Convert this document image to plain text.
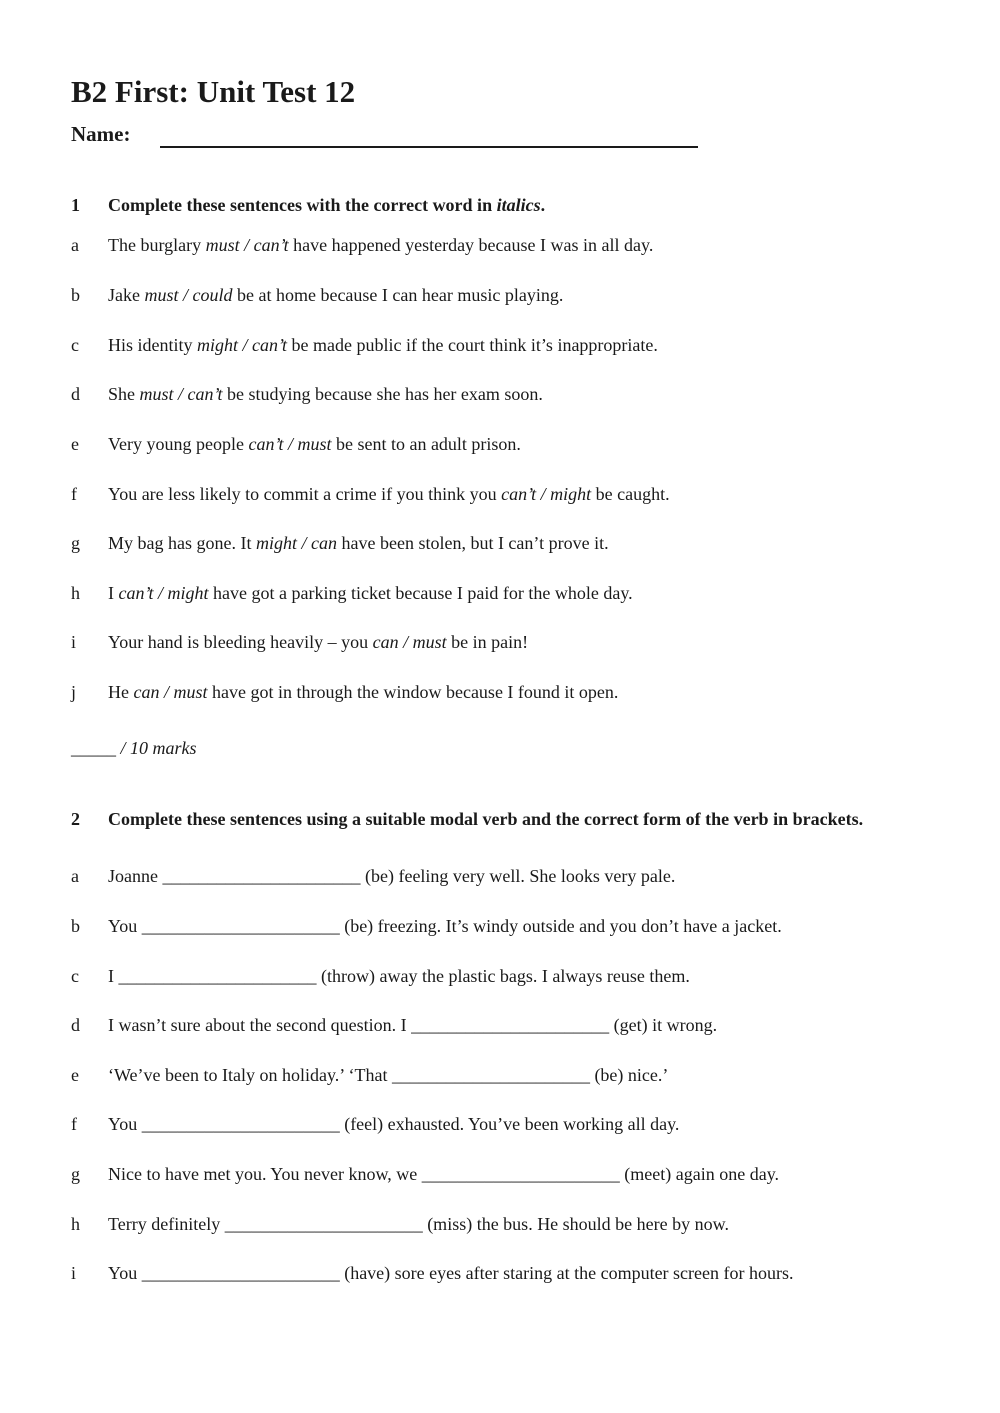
B2 First: Unit Test 12
Name:
1 Complete these sentences with the correct word in italics.
a The burglary must / can’t have happened yesterday because I was in all day.
b Jake must / could be at home because I can hear music playing.
c His identity might / can’t be made public if the court think it’s inappropriate.
d She must / can’t be studying because she has her exam soon.
e Very young people can’t / must be sent to an adult prison.
f You are less likely to commit a crime if you think you can’t / might be caught.
g My bag has gone. It might / can have been stolen, but I can’t prove it.
h I can’t / might have got a parking ticket because I paid for the whole day.
i Your hand is bleeding heavily – you can / must be in pain!
j He can / must have got in through the window because I found it open.
_____ / 10 marks
2 Complete these sentences using a suitable modal verb and the correct form of the verb in brackets.
a Joanne ______________________ (be) feeling very well. She looks very pale.
b You ______________________ (be) freezing. It’s windy outside and you don’t have a jacket.
c I ______________________ (throw) away the plastic bags. I always reuse them.
d I wasn’t sure about the second question. I ______________________ (get) it wrong.
e ‘We’ve been to Italy on holiday.’ ‘That ______________________ (be) nice.’
f You ______________________ (feel) exhausted. You’ve been working all day.
g Nice to have met you. You never know, we ______________________ (meet) again one day.
h Terry definitely ______________________ (miss) the bus. He should be here by now.
i You ______________________ (have) sore eyes after staring at the computer screen for hours.
